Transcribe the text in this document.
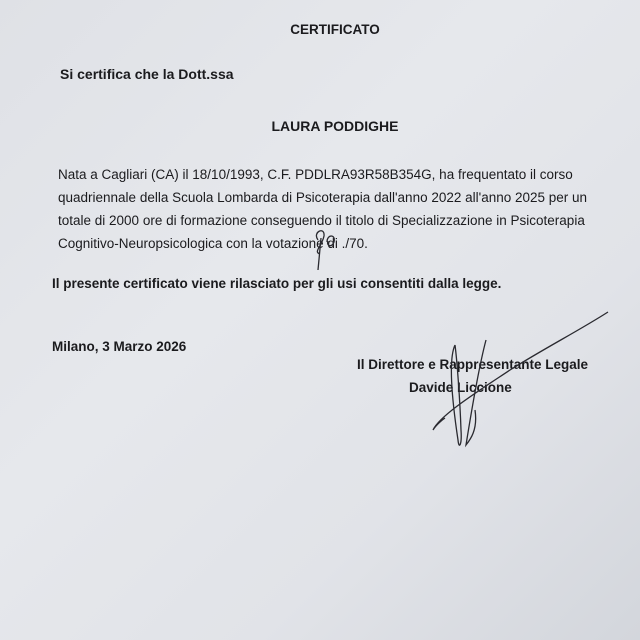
CERTIFICATO
Si certifica che la Dott.ssa
LAURA PODDIGHE
Nata a Cagliari (CA) il 18/10/1993, C.F. PDDLRA93R58B354G, ha frequentato il corso
quadriennale della Scuola Lombarda di Psicoterapia dall'anno 2022 all'anno 2025 per un
totale di 2000 ore di formazione conseguendo il titolo di Specializzazione in Psicoterapia
Cognitivo-Neuropsicologica con la votazione di ./70.
Il presente certificato viene rilasciato per gli usi consentiti dalla legge.
Milano, 3 Marzo 2026
Il Direttore e Rappresentante Legale
Davide Liccione
